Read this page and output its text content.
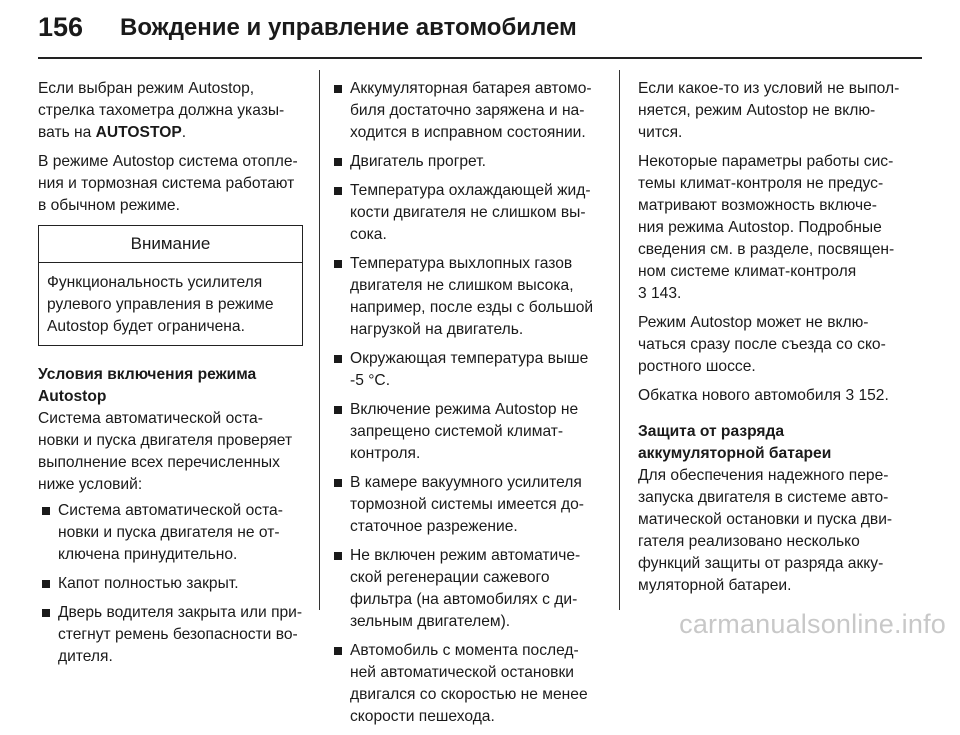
156 Вождение и управление автомобилем

Если выбран режим Autostop,
стрелка тахометра должна указы-
вать на AUTOSTOP.

В режиме Autostop система отопле-
ния и тормозная система работают
в обычном режиме.

Внимание
Функциональность усилителя
рулевого управления в режиме
Autostop будет ограничена.
Условия включения режима
Autostop
Система автоматической оста-
новки и пуска двигателя проверяет
выполнение всех перечисленных
ниже условий:
Система автоматической оста-
новки и пуска двигателя не от-
ключена принудительно.
Капот полностью закрыт.
Дверь водителя закрыта или при-
стегнут ремень безопасности во-
дителя.
Аккумуляторная батарея автомо-
биля достаточно заряжена и на-
ходится в исправном состоянии.
Двигатель прогрет.
Температура охлаждающей жид-
кости двигателя не слишком вы-
сока.
Температура выхлопных газов
двигателя не слишком высока,
например, после езды с большой
нагрузкой на двигатель.
Окружающая температура выше
-5 °C.
Включение режима Autostop не
запрещено системой климат-
контроля.
В камере вакуумного усилителя
тормозной системы имеется до-
статочное разрежение.
Не включен режим автоматиче-
ской регенерации сажевого
фильтра (на автомобилях с ди-
зельным двигателем).
Автомобиль с момента послед-
ней автоматической остановки
двигался со скоростью не менее
скорости пешехода.

Если какое-то из условий не выпол-
няется, режим Autostop не вклю-
чится.

Некоторые параметры работы сис-
темы климат-контроля не предус-
матривают возможность включе-
ния режима Autostop. Подробные
сведения см. в разделе, посвящен-
ном системе климат-контроля
3 143.

Режим Autostop может не вклю-
чаться сразу после съезда со ско-
ростного шоссе.

Обкатка нового автомобиля 3 152.

Защита от разряда
аккумуляторной батареи
Для обеспечения надежного пере-
запуска двигателя в системе авто-
матической остановки и пуска дви-
гателя реализовано несколько
функций защиты от разряда акку-
муляторной батареи.
carmanualsonline.info
